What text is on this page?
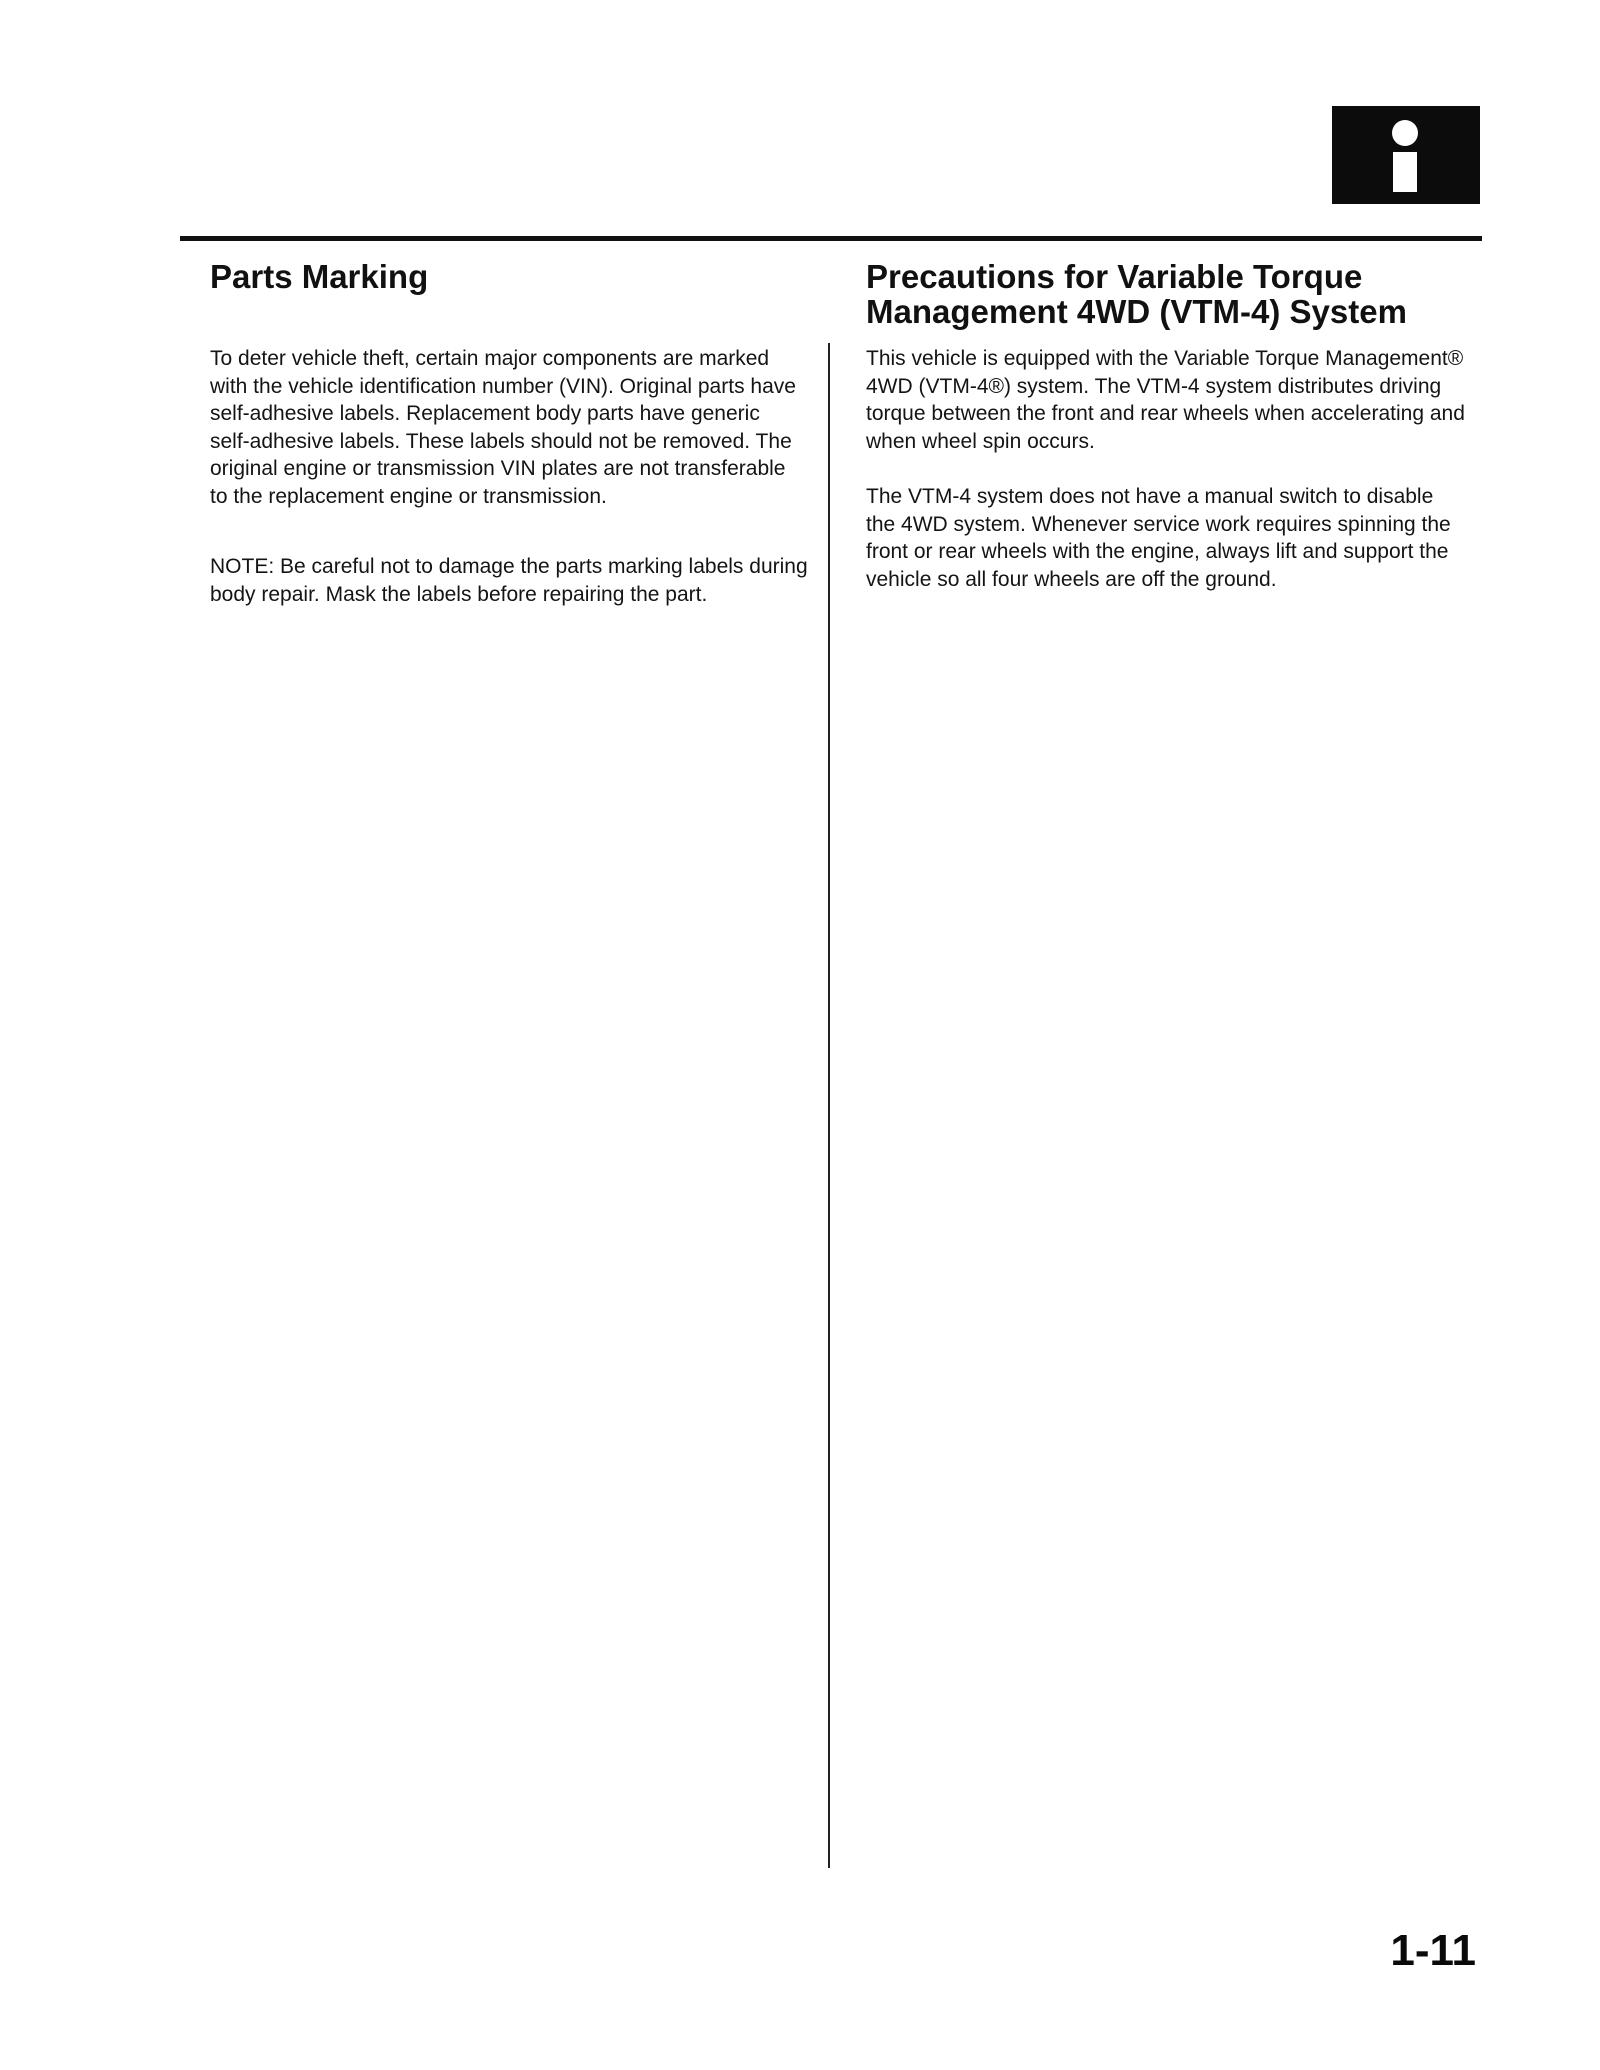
Parts Marking

To deter vehicle theft, certain major components are marked with the vehicle identification number (VIN). Original parts have self-adhesive labels. Replacement body parts have generic self-adhesive labels. These labels should not be removed. The original engine or transmission VIN plates are not transferable to the replacement engine or transmission.

NOTE: Be careful not to damage the parts marking labels during body repair. Mask the labels before repairing the part.

Precautions for Variable Torque Management 4WD (VTM-4) System

This vehicle is equipped with the Variable Torque Management® 4WD (VTM-4®) system. The VTM-4 system distributes driving torque between the front and rear wheels when accelerating and when wheel spin occurs.

The VTM-4 system does not have a manual switch to disable the 4WD system. Whenever service work requires spinning the front or rear wheels with the engine, always lift and support the vehicle so all four wheels are off the ground.

1-11
